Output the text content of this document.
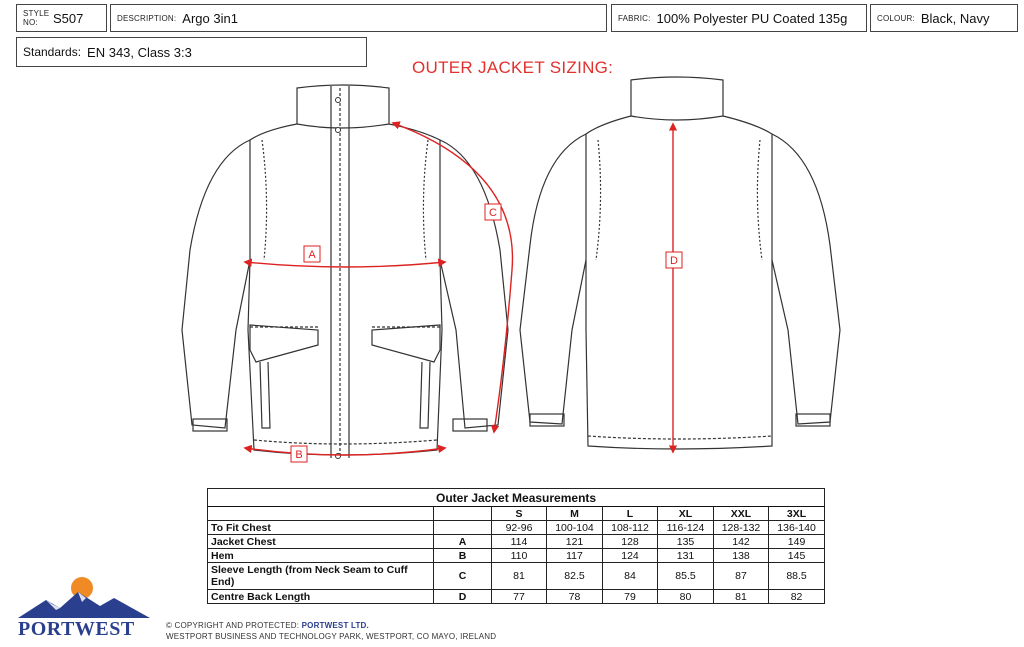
STYLE NO:	S507	DESCRIPTION: Argo 3in1	FABRIC: 100% Polyester PU Coated 135g	COLOUR: Black, Navy
Standards: EN 343, Class 3:3
OUTER JACKET SIZING:
A
B
C
D
Outer Jacket Measurements							
		S	M	L	XL	XXL	3XL
To Fit Chest		92-96	100-104	108-112	116-124	128-132	136-140
Jacket Chest	A	114	121	128	135	142	149
Hem	B	110	117	124	131	138	145
Sleeve Length (from Neck Seam to Cuff End)	C	81	82.5	84	85.5	87	88.5
Centre Back Length	D	77	78	79	80	81	82
PORTWEST	© COPYRIGHT AND PROTECTED: PORTWEST LTD.
WESTPORT BUSINESS AND TECHNOLOGY PARK, WESTPORT, CO MAYO, IRELAND
